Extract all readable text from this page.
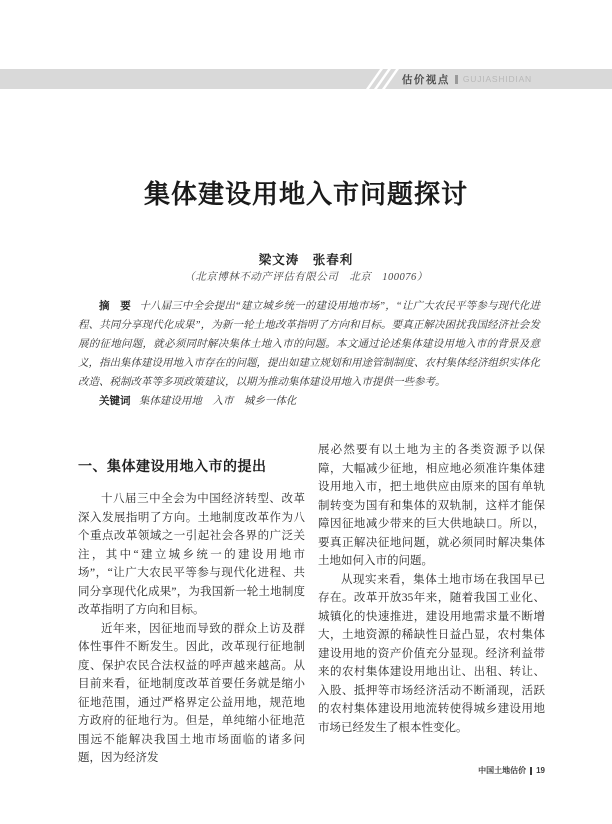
估价视点 GUJIASHIDIAN
集体建设用地入市问题探讨
梁文涛　张春利
（北京博林不动产评估有限公司　北京　100076）

摘　要 十八届三中全会提出“建立城乡统一的建设用地市场”，“让广大农民平等参与现代化进程、共同分享现代化成果”，为新一轮土地改革指明了方向和目标。要真正解决困扰我国经济社会发展的征地问题，就必须同时解决集体土地入市的问题。本文通过论述集体建设用地入市的背景及意义，指出集体建设用地入市存在的问题，提出如建立规划和用途管制制度、农村集体经济组织实体化改造、税制改革等多项政策建议，以期为推动集体建设用地入市提供一些参考。

关键词 集体建设用地　入市　城乡一体化

一、集体建设用地入市的提出

十八届三中全会为中国经济转型、改革深入发展指明了方向。土地制度改革作为八个重点改革领域之一引起社会各界的广泛关注，其中“建立城乡统一的建设用地市场”，“让广大农民平等参与现代化进程、共同分享现代化成果”，为我国新一轮土地制度改革指明了方向和目标。

近年来，因征地而导致的群众上访及群体性事件不断发生。因此，改革现行征地制度、保护农民合法权益的呼声越来越高。从目前来看，征地制度改革首要任务就是缩小征地范围，通过严格界定公益用地，规范地方政府的征地行为。但是，单纯缩小征地范围远不能解决我国土地市场面临的诸多问题，因为经济发

展必然要有以土地为主的各类资源予以保障，大幅减少征地，相应地必须准许集体建设用地入市，把土地供应由原来的国有单轨制转变为国有和集体的双轨制，这样才能保障因征地减少带来的巨大供地缺口。所以，要真正解决征地问题，就必须同时解决集体土地如何入市的问题。

从现实来看，集体土地市场在我国早已存在。改革开放35年来，随着我国工业化、城镇化的快速推进，建设用地需求量不断增大，土地资源的稀缺性日益凸显，农村集体建设用地的资产价值充分显现。经济利益带来的农村集体建设用地出让、出租、转让、入股、抵押等市场经济活动不断涌现，活跃的农村集体建设用地流转使得城乡建设用地市场已经发生了根本性变化。

中国土地估价 19
